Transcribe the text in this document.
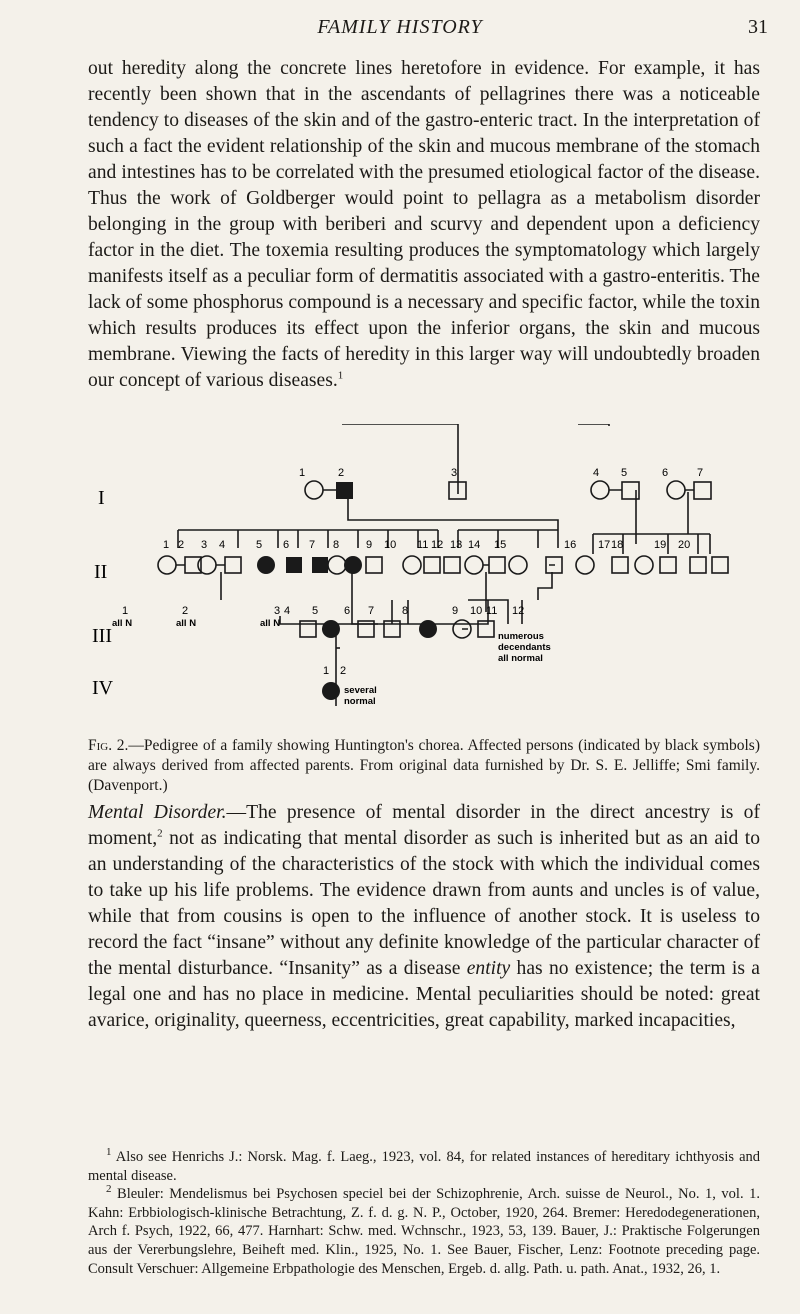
FAMILY HISTORY	31

out heredity along the concrete lines heretofore in evidence. For example, it has recently been shown that in the ascendants of pellagrines there was a noticeable tendency to diseases of the skin and of the gastro-enteric tract. In the interpretation of such a fact the evident relationship of the skin and mucous membrane of the stomach and intestines has to be correlated with the presumed etiological factor of the disease. Thus the work of Goldberger would point to pellagra as a metabolism disorder belonging in the group with beriberi and scurvy and dependent upon a deficiency factor in the diet. The toxemia resulting produces the symptomatology which largely manifests itself as a peculiar form of dermatitis associated with a gastro-enteritis. The lack of some phosphorus compound is a necessary and specific factor, while the toxin which results produces its effect upon the inferior organs, the skin and mucous membrane. Viewing the facts of heredity in this larger way will undoubtedly broaden our concept of various diseases.$^1$

I
II
III
IV
1	2	3	4 5	6	7
1 2 3 4	5 6 7 8 9 10 11 12 13 14 15	16 17 18	19 20
1	2	3 4 5 6 7	8	9 10 11 12
1 2
all N	all N	all N
numerous
decendants
all normal
several
normal

Fig. 2.—Pedigree of a family showing Huntington's chorea. Affected persons (indicated by black symbols) are always derived from affected parents. From original data furnished by Dr. S. E. Jelliffe; Smi family. (Davenport.)

Mental Disorder.—The presence of mental disorder in the direct ancestry is of moment,$^2$ not as indicating that mental disorder as such is inherited but as an aid to an understanding of the characteristics of the stock with which the individual comes to take up his life problems. The evidence drawn from aunts and uncles is of value, while that from cousins is open to the influence of another stock. It is useless to record the fact “insane” without any definite knowledge of the particular character of the mental disturbance. “Insanity” as a disease entity has no existence; the term is a legal one and has no place in medicine. Mental peculiarities should be noted: great avarice, originality, queerness, eccentricities, great capability, marked incapacities,

$^1$ Also see Henrichs J.: Norsk. Mag. f. Laeg., 1923, vol. 84, for related instances of hereditary ichthyosis and mental disease.

$^2$ Bleuler: Mendelismus bei Psychosen speciel bei der Schizophrenie, Arch. suisse de Neurol., No. 1, vol. 1. Kahn: Erbbiologisch-klinische Betrachtung, Z. f. d. g. N. P., October, 1920, 264. Bremer: Heredodegenerationen, Arch f. Psych, 1922, 66, 477. Harnhart: Schw. med. Wchnschr., 1923, 53, 139. Bauer, J.: Praktische Folgerungen aus der Vererbungslehre, Beiheft med. Klin., 1925, No. 1. See Bauer, Fischer, Lenz: Footnote preceding page. Consult Verschuer: Allgemeine Erbpathologie des Menschen, Ergeb. d. allg. Path. u. path. Anat., 1932, 26, 1.
